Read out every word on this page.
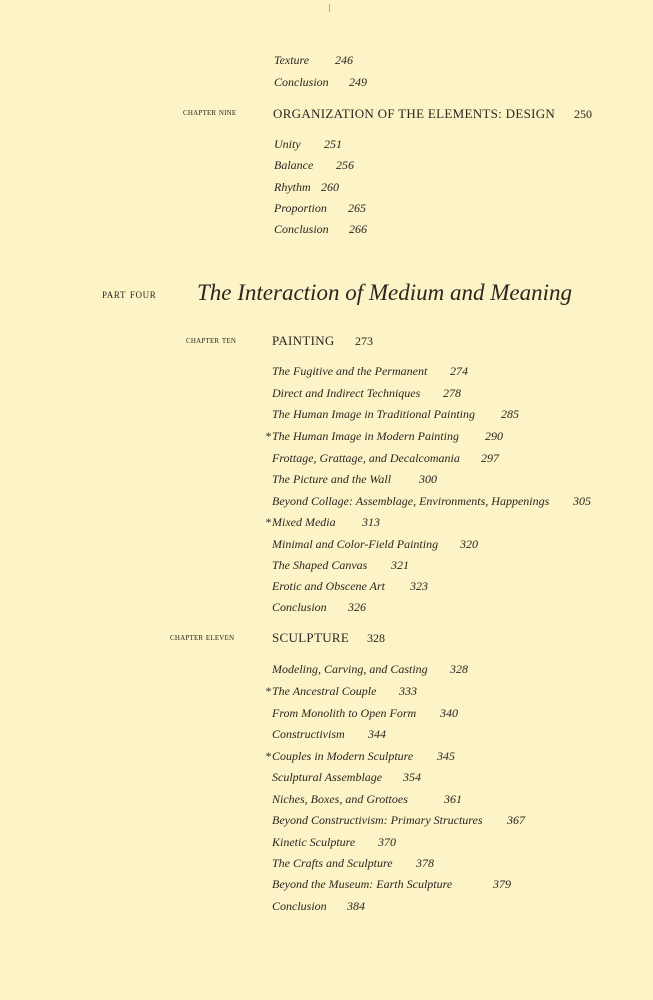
Texture 246
Conclusion 249
chapter nine	ORGANIZATION OF THE ELEMENTS: DESIGN 250
Unity 251
Balance 256
Rhythm 260
Proportion 265
Conclusion 266
part four The Interaction of Medium and Meaning
chapter ten	PAINTING 273
The Fugitive and the Permanent 274
Direct and Indirect Techniques 278
The Human Image in Traditional Painting 285
* The Human Image in Modern Painting 290
Frottage, Grattage, and Decalcomania 297
The Picture and the Wall 300
Beyond Collage: Assemblage, Environments, Happenings 305
* Mixed Media 313
Minimal and Color-Field Painting 320
The Shaped Canvas 321
Erotic and Obscene Art 323
Conclusion 326
chapter eleven	SCULPTURE 328
Modeling, Carving, and Casting 328
* The Ancestral Couple 333
From Monolith to Open Form 340
Constructivism 344
* Couples in Modern Sculpture 345
Sculptural Assemblage 354
Niches, Boxes, and Grottoes	361
Beyond Constructivism: Primary Structures 367
Kinetic Sculpture 370
The Crafts and Sculpture 378
Beyond the Museum: Earth Sculpture	379
Conclusion 384
